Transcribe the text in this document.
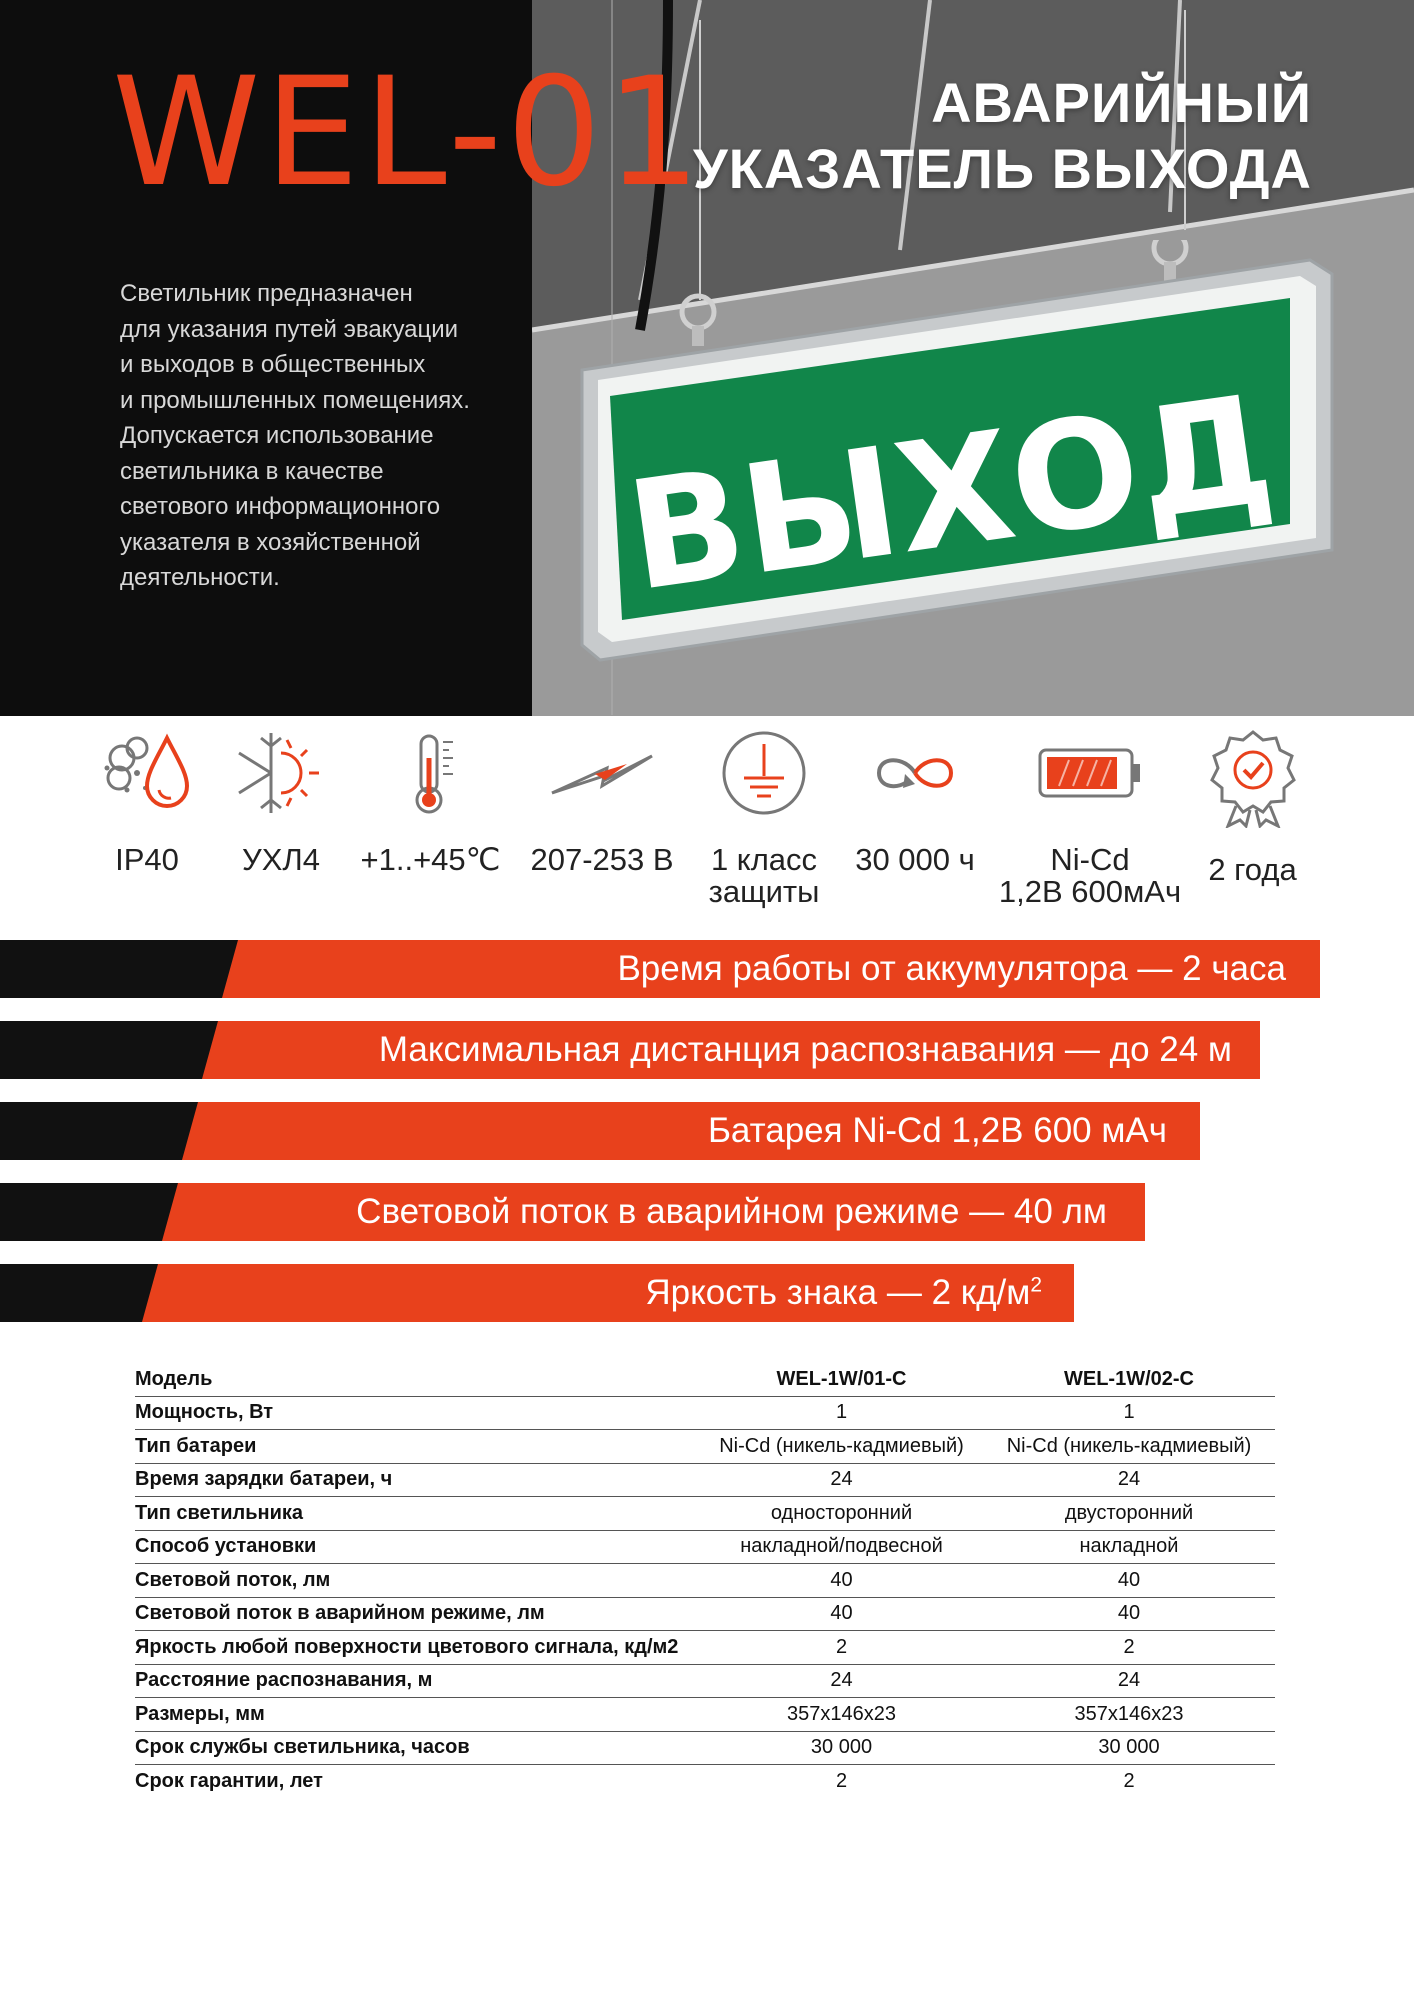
WEL-01

Светильник предназначен
для указания путей эвакуации
и выходов в общественных
и промышленных помещениях.
Допускается использование
светильника в качестве
светового информационного
указателя в хозяйственной
деятельности.

АВАРИЙНЫЙ
УКАЗАТЕЛЬ ВЫХОДА
ВЫХОД
IP40	УХЛ4	+1..+45℃ 207-253 В	1 класс
защиты
30 000 ч	Ni-Cd
1,2В 600мАч
2 года
Время работы от аккумулятора — 2 часа
Максимальная дистанция распознавания — до 24 м
Батарея Ni-Cd 1,2В 600 мАч
Световой поток в аварийном режиме — 40 лм
Яркость знака — 2 $кд/м^2$
Модель	WEL-1W/01-C	WEL-1W/02-C
Мощность, Вт	1	1
Тип батареи	Ni-Cd (никель-кадмиевый)	Ni-Cd (никель-кадмиевый)
Время зарядки батареи, ч	24	24
Тип светильника	односторонний	двусторонний
Способ установки	накладной/подвесной	накладной
Световой поток, лм	40	40
Световой поток в аварийном режиме, лм	40	40
Яркость любой поверхности цветового сигнала, кд/м2	2	2
Расстояние распознавания, м	24	24
Размеры, мм	357x146x23	357x146x23
Срок службы светильника, часов	30 000	30 000
Срок гарантии, лет	2	2
